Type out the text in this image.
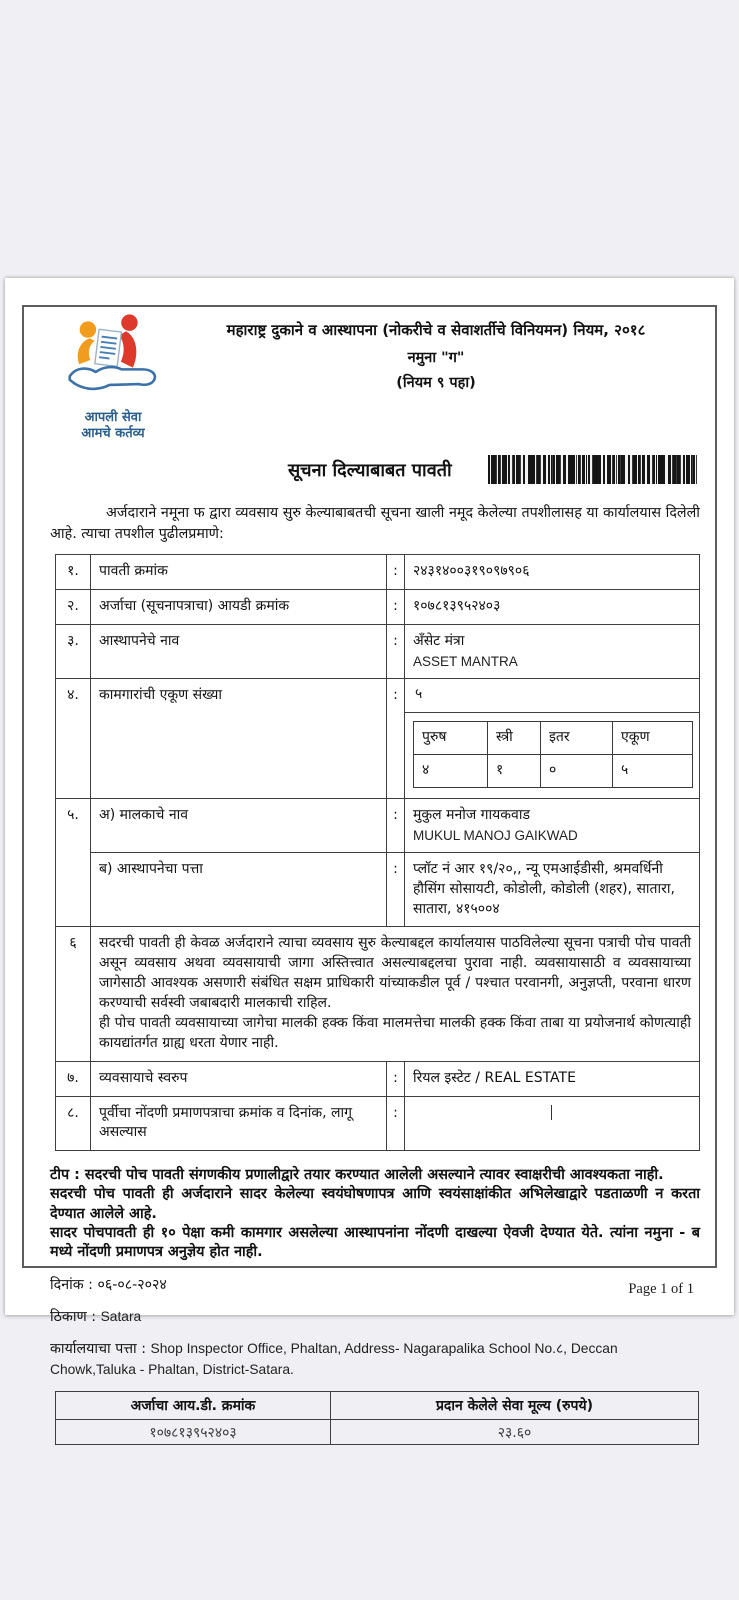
आपली सेवा
आमचे कर्तव्य
महाराष्ट्र दुकाने व आस्थापना (नोकरीचे व सेवाशर्तीचे विनियमन) नियम, २०१८
नमुना "ग"
(नियम ९ पहा)
सूचना दिल्याबाबत पावती
अर्जदाराने नमूना फ द्वारा व्यवसाय सुरु केल्याबाबतची सूचना खाली नमूद केलेल्या तपशीलासह या कार्यालयास दिलेली आहे. त्याचा तपशील पुढीलप्रमाणे:
१.	पावती क्रमांक	:	२४३१४००३१९०९७९०६
२.	अर्जाचा (सूचनापत्राचा) आयडी क्रमांक	:	१०७८१३९५२४०३
३.	आस्थापनेचे नाव	:	अँसेट मंत्रा
ASSET MANTRA

४.	कामगारांची एकूण संख्या	:	५
पुरुष	स्त्री	इतर	एकूण
४	१	०	५

५.	अ) मालकाचे नाव	:	मुकुल मनोज गायकवाड
MUKUL MANOJ GAIKWAD

ब) आस्थापनेचा पत्ता	:	प्लॉट नं आर १९/२०,, न्यू एमआईडीसी, श्रमवर्धिनी हौसिंग सोसायटी, कोडोली, कोडोली (शहर), सातारा, सातारा, ४१५००४
६	सदरची पावती ही केवळ अर्जदाराने त्याचा व्यवसाय सुरु केल्याबद्दल कार्यालयास पाठविलेल्या सूचना पत्राची पोच पावती असून व्यवसाय अथवा व्यवसायाची जागा अस्तित्त्वात असल्याबद्दलचा पुरावा नाही. व्यवसायासाठी व व्यवसायाच्या जागेसाठी आवश्यक असणारी संबंधित सक्षम प्राधिकारी यांच्याकडील पूर्व / पश्चात परवानगी, अनुज्ञप्ती, परवाना धारण करण्याची सर्वस्वी जबाबदारी मालकाची राहिल.
ही पोच पावती व्यवसायाच्या जागेचा मालकी हक्क किंवा मालमत्तेचा मालकी हक्क किंवा ताबा या प्रयोजनार्थ कोणत्याही कायद्यांतर्गत ग्राह्य धरता येणार नाही.

७.	व्यवसायाचे स्वरुप	:	रियल इस्टेट / REAL ESTATE
८.	पूर्वीचा नोंदणी प्रमाणपत्राचा क्रमांक व दिनांक, लागू असल्यास	:	
टीप : सदरची पोच पावती संगणकीय प्रणालीद्वारे तयार करण्यात आलेली असल्याने त्यावर स्वाक्षरीची आवश्यकता नाही.
सदरची पोच पावती ही अर्जदाराने सादर केलेल्या स्वयंघोषणापत्र आणि स्वयंसाक्षांकीत अभिलेखाद्वारे पडताळणी न करता देण्यात आलेले आहे.
सादर पोचपावती ही १० पेक्षा कमी कामगार असलेल्या आस्थापनांना नोंदणी दाखल्या ऐवजी देण्यात येते. त्यांना नमुना - ब मध्ये नोंदणी प्रमाणपत्र अनुज्ञेय होत नाही.
दिनांक : ०६-०८-२०२४
ठिकाण : Satara
कार्यालयाचा पत्ता : Shop Inspector Office, Phaltan, Address- Nagarapalika School No.८, Deccan Chowk,Taluka - Phaltan, District-Satara.
अर्जाचा आय.डी. क्रमांक	प्रदान केलेले सेवा मूल्य (रुपये)
१०७८१३९५२४०३	२३.६०
Page 1 of 1
